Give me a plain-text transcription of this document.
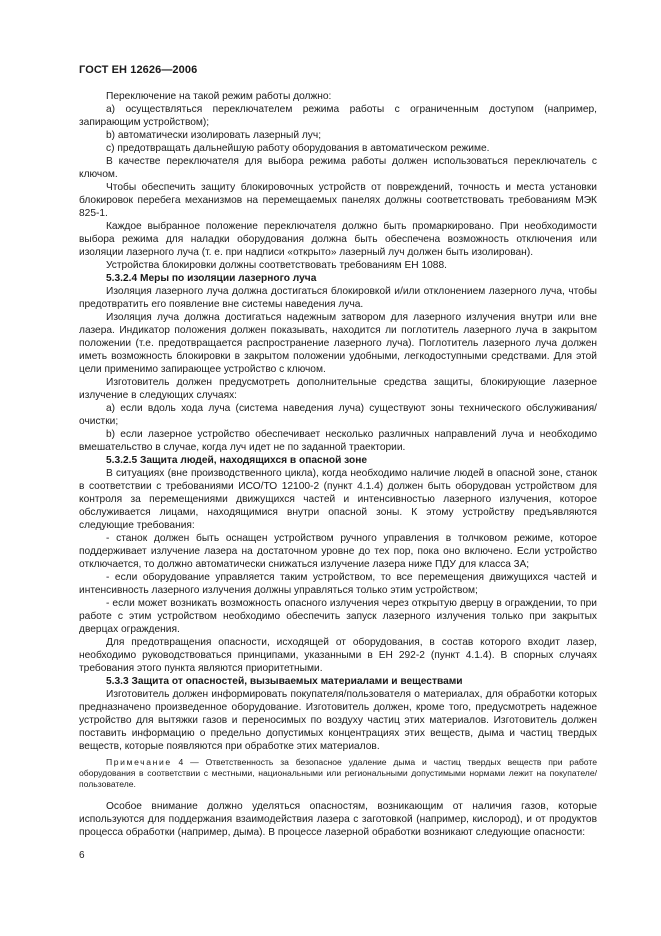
ГОСТ ЕН 12626—2006

Переключение на такой режим работы должно:

а) осуществляться переключателем режима работы с ограниченным доступом (например, запирающим устройством);

b) автоматически изолировать лазерный луч;

с) предотвращать дальнейшую работу оборудования в автоматическом режиме.

В качестве переключателя для выбора режима работы должен использоваться переключатель с ключом.

Чтобы обеспечить защиту блокировочных устройств от повреждений, точность и места установки блокировок перебега механизмов на перемещаемых панелях должны соответствовать требованиям МЭК 825-1.

Каждое выбранное положение переключателя должно быть промаркировано. При необходимости выбора режима для наладки оборудования должна быть обеспечена возможность отключения или изоляции лазерного луча (т. е. при надписи «открыто» лазерный луч должен быть изолирован).

Устройства блокировки должны соответствовать требованиям ЕН 1088.

5.3.2.4 Меры по изоляции лазерного луча

Изоляция лазерного луча должна достигаться блокировкой и/или отклонением лазерного луча, чтобы предотвратить его появление вне системы наведения луча.

Изоляция луча должна достигаться надежным затвором для лазерного излучения внутри или вне лазера. Индикатор положения должен показывать, находится ли поглотитель лазерного луча в закрытом положении (т.е. предотвращается распространение лазерного луча). Поглотитель лазерного луча должен иметь возможность блокировки в закрытом положении удобными, легкодоступными средствами. Для этой цели применимо запирающее устройство с ключом.

Изготовитель должен предусмотреть дополнительные средства защиты, блокирующие лазерное излучение в следующих случаях:

а) если вдоль хода луча (система наведения луча) существуют зоны технического обслуживания/очистки;

b) если лазерное устройство обеспечивает несколько различных направлений луча и необходимо вмешательство в случае, когда луч идет не по заданной траектории.

5.3.2.5 Защита людей, находящихся в опасной зоне

В ситуациях (вне производственного цикла), когда необходимо наличие людей в опасной зоне, станок в соответствии с требованиями ИСО/ТО 12100-2 (пункт 4.1.4) должен быть оборудован устройством для контроля за перемещениями движущихся частей и интенсивностью лазерного излучения, которое обслуживается лицами, находящимися внутри опасной зоны. К этому устройству предъявляются следующие требования:

- станок должен быть оснащен устройством ручного управления в толчковом режиме, которое поддерживает излучение лазера на достаточном уровне до тех пор, пока оно включено. Если устройство отключается, то должно автоматически снижаться излучение лазера ниже ПДУ для класса 3А;

- если оборудование управляется таким устройством, то все перемещения движущихся частей и интенсивность лазерного излучения должны управляться только этим устройством;

- если может возникать возможность опасного излучения через открытую дверцу в ограждении, то при работе с этим устройством необходимо обеспечить запуск лазерного излучения только при закрытых дверцах ограждения.

Для предотвращения опасности, исходящей от оборудования, в состав которого входит лазер, необходимо руководствоваться принципами, указанными в ЕН 292-2 (пункт 4.1.4). В спорных случаях требования этого пункта являются приоритетными.

5.3.3 Защита от опасностей, вызываемых материалами и веществами

Изготовитель должен информировать покупателя/пользователя о материалах, для обработки которых предназначено произведенное оборудование. Изготовитель должен, кроме того, предусмотреть надежное устройство для вытяжки газов и переносимых по воздуху частиц этих материалов. Изготовитель должен поставить информацию о предельно допустимых концентрациях этих веществ, дыма и частиц твердых веществ, которые появляются при обработке этих материалов.

Примечание 4 — Ответственность за безопасное удаление дыма и частиц твердых веществ при работе оборудования в соответствии с местными, национальными или региональными допустимыми нормами лежит на покупателе/пользователе.

Особое внимание должно уделяться опасностям, возникающим от наличия газов, которые используются для поддержания взаимодействия лазера с заготовкой (например, кислород), и от продуктов процесса обработки (например, дыма). В процессе лазерной обработки возникают следующие опасности:

6
